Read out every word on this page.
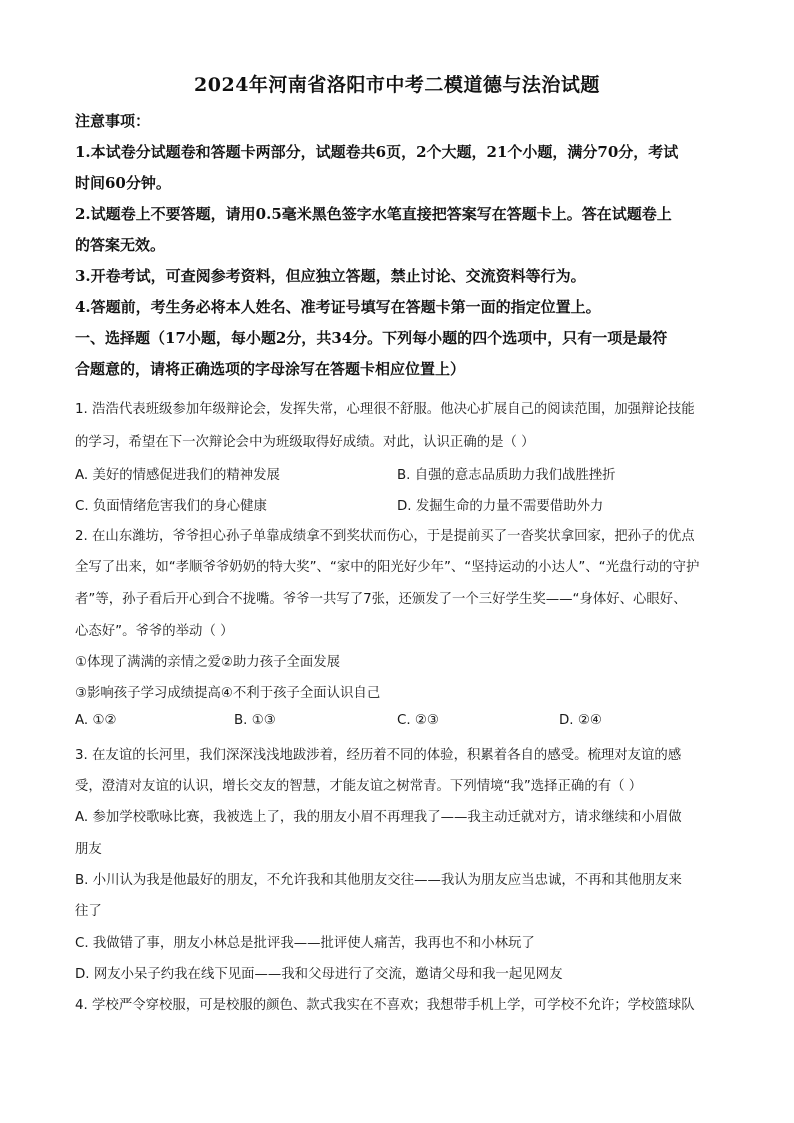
2024年河南省洛阳市中考二模道德与法治试题
注意事项：
1.本试卷分试题卷和答题卡两部分，试题卷共6页，2个大题，21个小题，满分70分，考试
时间60分钟。
2.试题卷上不要答题，请用0.5毫米黑色签字水笔直接把答案写在答题卡上。答在试题卷上
的答案无效。
3.开卷考试，可查阅参考资料，但应独立答题，禁止讨论、交流资料等行为。
4.答题前，考生务必将本人姓名、准考证号填写在答题卡第一面的指定位置上。
一、选择题（17小题，每小题2分，共34分。下列每小题的四个选项中，只有一项是最符
合题意的，请将正确选项的字母涂写在答题卡相应位置上）
1. 浩浩代表班级参加年级辩论会，发挥失常，心理很不舒服。他决心扩展自己的阅读范围，加强辩论技能
的学习，希望在下一次辩论会中为班级取得好成绩。对此，认识正确的是（ ）
A. 美好的情感促进我们的精神发展	B. 自强的意志品质助力我们战胜挫折
C. 负面情绪危害我们的身心健康	D. 发掘生命的力量不需要借助外力
2. 在山东潍坊，爷爷担心孙子单靠成绩拿不到奖状而伤心，于是提前买了一沓奖状拿回家，把孙子的优点
全写了出来，如“孝顺爷爷奶奶的特大奖”、“家中的阳光好少年”、“坚持运动的小达人”、“光盘行动的守护
者”等，孙子看后开心到合不拢嘴。爷爷一共写了7张，还颁发了一个三好学生奖——“身体好、心眼好、
心态好”。爷爷的举动（ ）
①体现了满满的亲情之爱②助力孩子全面发展
③影响孩子学习成绩提高④不利于孩子全面认识自己
A. ①②	B. ①③	C. ②③	D. ②④
3. 在友谊的长河里，我们深深浅浅地跋涉着，经历着不同的体验，积累着各自的感受。梳理对友谊的感
受，澄清对友谊的认识，增长交友的智慧，才能友谊之树常青。下列情境“我”选择正确的有（ ）
A. 参加学校歌咏比赛，我被选上了，我的朋友小眉不再理我了——我主动迁就对方，请求继续和小眉做
朋友
B. 小川认为我是他最好的朋友，不允许我和其他朋友交往——我认为朋友应当忠诚，不再和其他朋友来
往了
C. 我做错了事，朋友小林总是批评我——批评使人痛苦，我再也不和小林玩了
D. 网友小呆子约我在线下见面——我和父母进行了交流，邀请父母和我一起见网友
4. 学校严令穿校服，可是校服的颜色、款式我实在不喜欢；我想带手机上学，可学校不允许；学校篮球队
